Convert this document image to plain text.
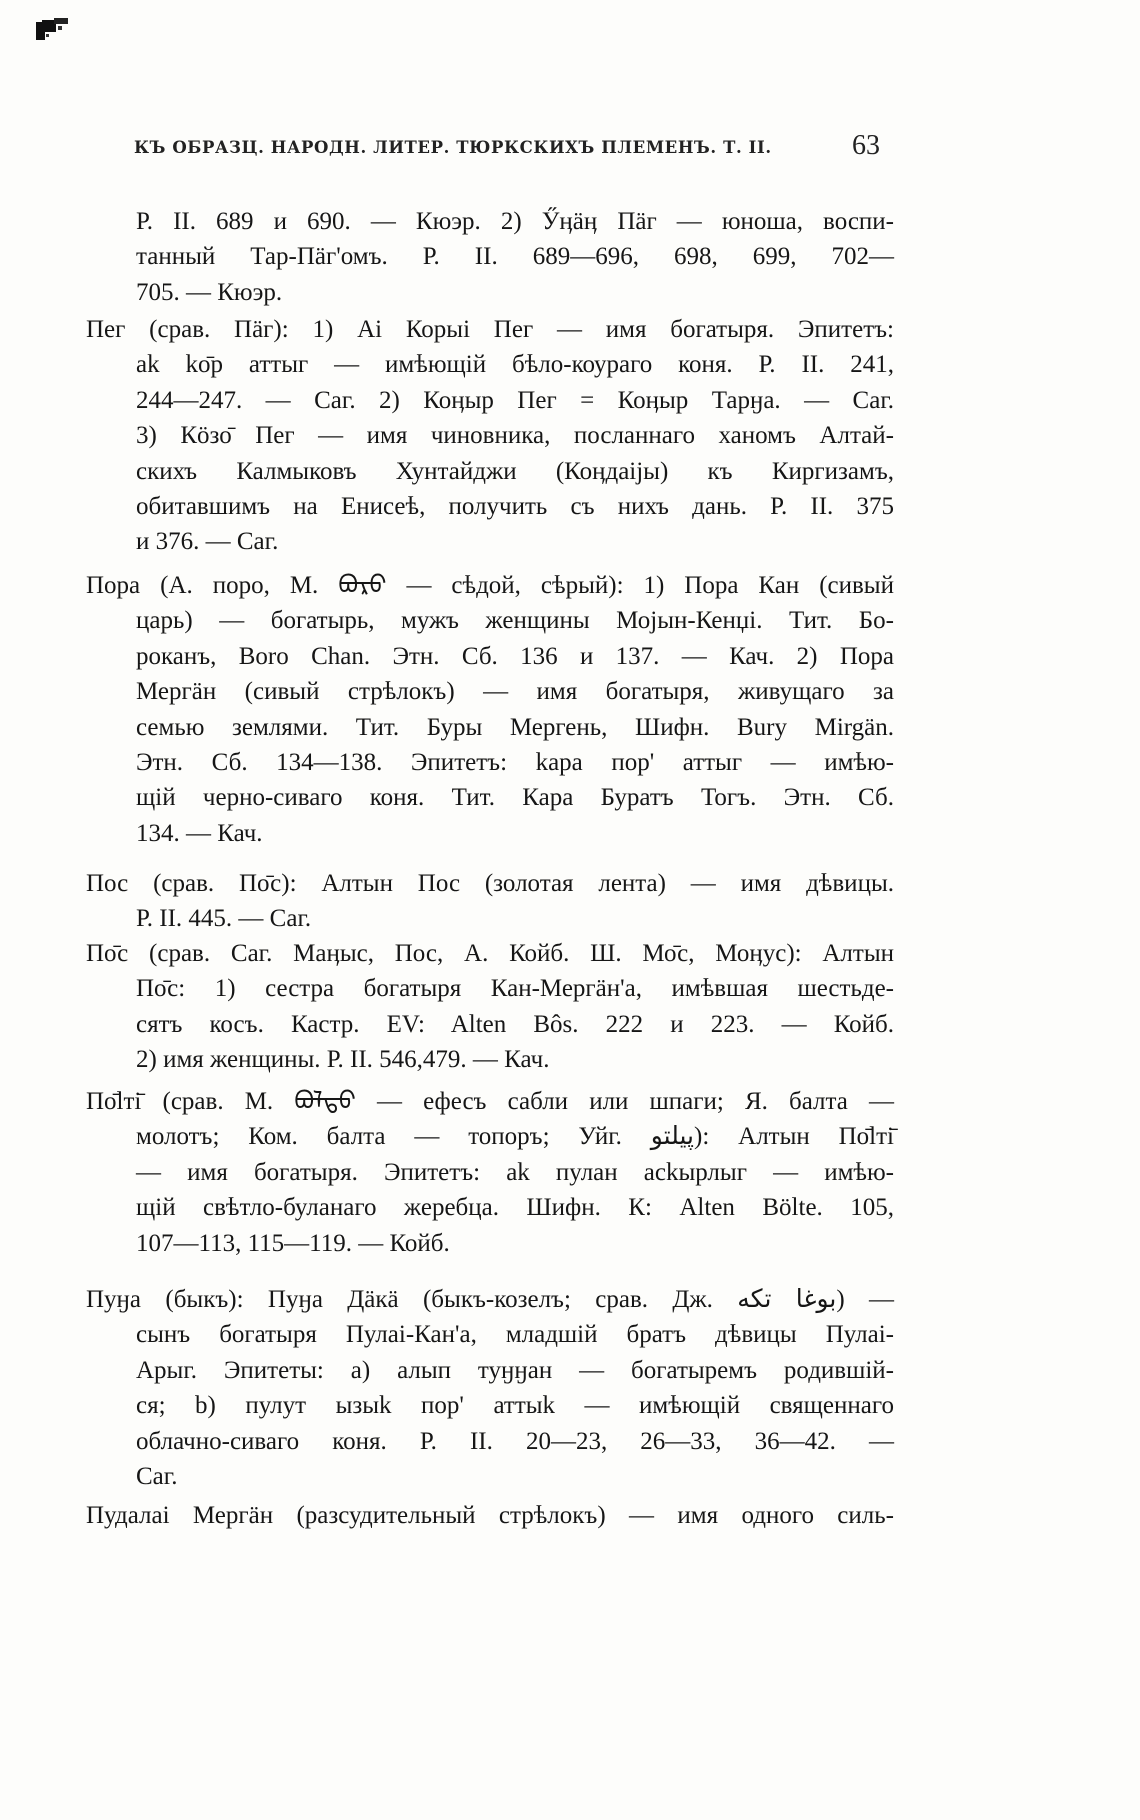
КЪ ОБРАЗЦ. НАРОДН. ЛИТЕР. ТЮРКСКИХЪ ПЛЕМЕНЪ. Т. II.	63
Р. II. 689 и 690. — Кюэр. 2) Ӳӊӓӊ Пӓг — юноша, воспи-
танный Тар-Пӓг'омъ. Р. II. 689—696, 698, 699, 702—
705. — Кюэр.
Пег (срав. Пӓг): 1) Аі Корыі Пег — имя богатыря. Эпитетъ:
аk kо̄р аттыг — имѣющій бѣло-коураго коня. Р. II. 241,
244—247. — Саг. 2) Коӊыр Пег = Коӊыр Тарӈа. — Саг.
3) Кӧзо̄ Пег — имя чиновника, посланнаго ханомъ Алтай-
скихъ Калмыковъ Хунтайджи (Коӊдаіјы) къ Киргизамъ,
обитавшимъ на Енисеѣ, получить съ нихъ дань. Р. II. 375
и 376. — Саг.
Пора (А. поро, М. ᠪᠣᠷᠣ — сѣдой, сѣрый): 1) Пора Кан (сивый
царь) — богатырь, мужъ женщины Мојын-Кенџі. Тит. Бо-
роканъ, Boro Chan. Этн. Сб. 136 и 137. — Кач. 2) Пора
Мергӓн (сивый стрѣлокъ) — имя богатыря, живущаго за
семью землями. Тит. Буры Мергень, Шифн. Bury Mirgän.
Этн. Сб. 134—138. Эпитетъ: kара пор' аттыг — имѣю-
щій черно-сиваго коня. Тит. Кара Буратъ Тогъ. Этн. Сб.
134. — Кач.
Пос (срав. По̄с): Алтын Пос (золотая лента) — имя дѣвицы.
Р. II. 445. — Саг.
По̄с (срав. Саг. Маӊыс, Пос, А. Койб. Ш. Мо̄с, Моӊус): Алтын
По̄с: 1) сестра богатыря Кан-Мергӓн'а, имѣвшая шестьде-
сятъ косъ. Кастр. EV: Alten Bôs. 222 и 223. — Койб.
2) имя женщины. Р. II. 546,479. — Кач.
По̄lті̄ (срав. М. ᠪᠣᠯᠳᠣ — ефесъ сабли или шпаги; Я. балта —
молотъ; Ком. балта — топоръ; Уйг. ﭘﯿﻠﺘﻮ): Алтын По̄lті̄
— имя богатыря. Эпитетъ: аk пулан асkырлыг — имѣю-
щій свѣтло-буланаго жеребца. Шифн. К: Alten Bölte. 105,
107—113, 115—119. — Койб.
Пуӈа (быкъ): Пуӈа Дӓкӓ (быкъ-козелъ; срав. Дж. بوغا تكه) —
сынъ богатыря Пулаі-Кан'а, младшій братъ дѣвицы Пулаі-
Арыг. Эпитеты: а) алып туӈӈан — богатыремъ родившій-
ся; b) пулут ызыk пор' аттыk — имѣющій священнаго
облачно-сиваго коня. Р. II. 20—23, 26—33, 36—42. —
Саг.
Пудалаі Мергӓн (разсудительный стрѣлокъ) — имя одного силь-
